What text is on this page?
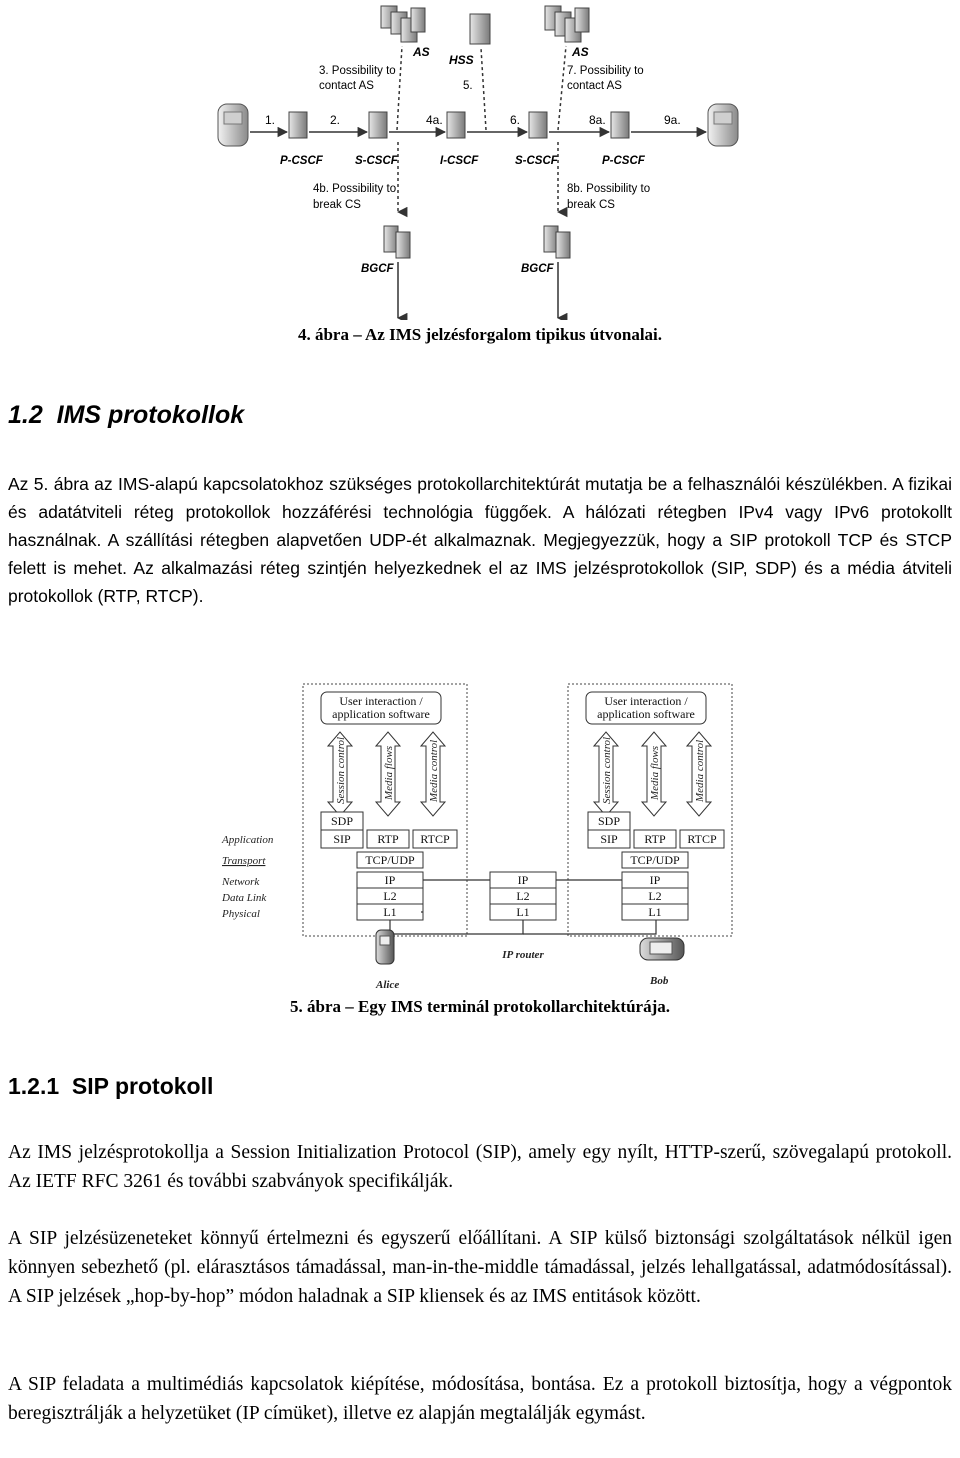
AS
HSS
AS
3. Possibility to
contact AS	5.
7. Possibility to
contact AS
1.	2.	4a.	6.	8a.	9a.
P-CSCF	S-CSCF	I-CSCF	S-CSCF	P-CSCF
4b. Possibility to
break CS
8b. Possibility to
break CS
BGCF	BGCF
4. ábra – Az IMS jelzésforgalom tipikus útvonalai.
1.2  IMS protokollok

Az 5. ábra az IMS-alapú kapcsolatokhoz szükséges protokollarchitektúrát mutatja be a felhasználói készülékben. A fizikai és adatátviteli réteg protokollok hozzáférési technológia függőek. A hálózati rétegben IPv4 vagy IPv6 protokollt használnak. A szállítási rétegben alapvetően UDP-ét alkalmaznak. Megjegyezzük, hogy a SIP protokoll TCP és STCP felett is mehet. Az alkalmazási réteg szintjén helyezkednek el az IMS jelzésprotokollok (SIP, SDP) és a média átviteli protokollok (RTP, RTCP).

Application
Transport
Network
Data Link
Physical
User interaction /
application software
Session control	Media flows	Media control
SDP
SIP RTP RTCP
TCP/UDP
IP
L2
L1
IP
L2
L1
IP router
User interaction /
application software
Session control	Media flows	Media control
SDP
SIP RTP RTCP
TCP/UDP
IP
L2
L1
Alice	Bob
5. ábra – Egy IMS terminál protokollarchitektúrája.
1.2.1  SIP protokoll

Az IMS jelzésprotokollja a Session Initialization Protocol (SIP), amely egy nyílt, HTTP-szerű, szövegalapú protokoll. Az IETF RFC 3261 és további szabványok specifikálják.

A SIP jelzésüzeneteket könnyű értelmezni és egyszerű előállítani. A SIP külső biztonsági szolgáltatások nélkül igen könnyen sebezhető (pl. elárasztásos támadással, man-in-the-middle támadással, jelzés lehallgatással, adatmódosítással). A SIP jelzések „hop-by-hop” módon haladnak a SIP kliensek és az IMS entitások között.

A SIP feladata a multimédiás kapcsolatok kiépítése, módosítása, bontása. Ez a protokoll biztosítja, hogy a végpontok beregisztrálják a helyzetüket (IP címüket), illetve ez alapján megtalálják egymást.
